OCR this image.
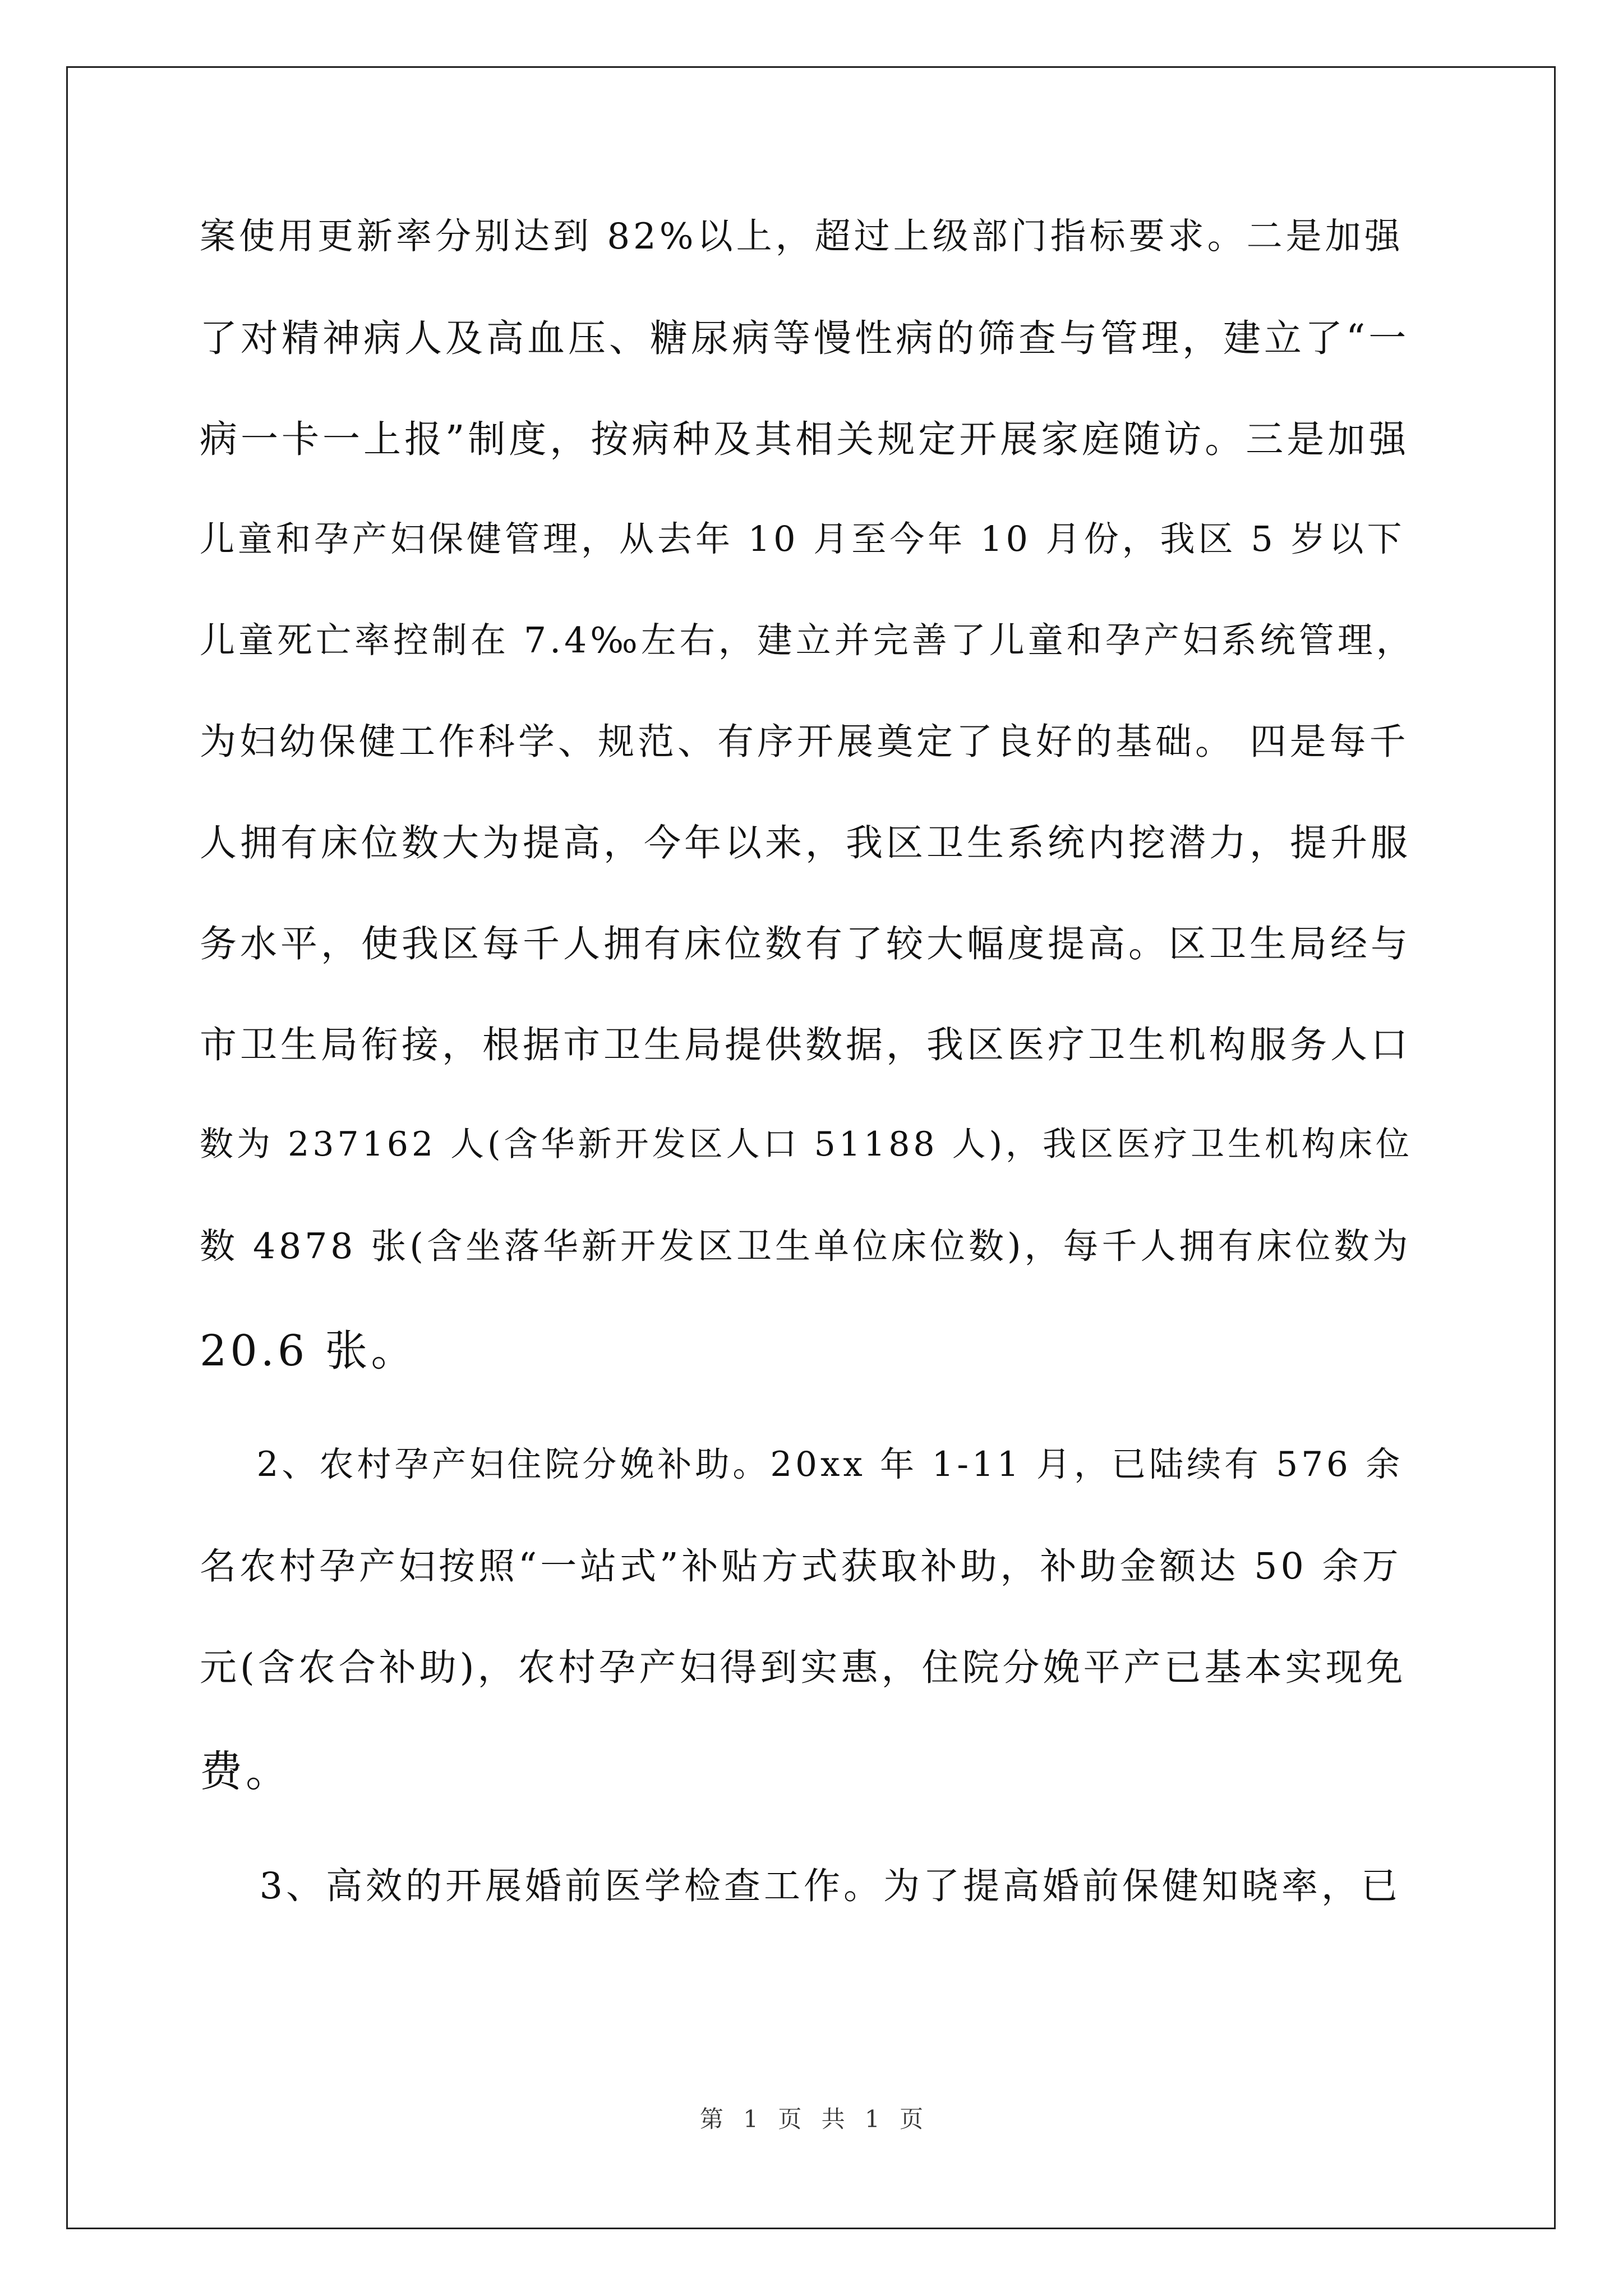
案使用更新率分别达到 82%以上，超过上级部门指标要求。二是加强
了对精神病人及高血压、糖尿病等慢性病的筛查与管理，建立了“一
病一卡一上报”制度，按病种及其相关规定开展家庭随访。三是加强
儿童和孕产妇保健管理，从去年 10 月至今年 10 月份，我区 5 岁以下
儿童死亡率控制在 7.4‰左右，建立并完善了儿童和孕产妇系统管理，
为妇幼保健工作科学、规范、有序开展奠定了良好的基础。 四是每千
人拥有床位数大为提高，今年以来，我区卫生系统内挖潜力，提升服
务水平，使我区每千人拥有床位数有了较大幅度提高。区卫生局经与
市卫生局衔接，根据市卫生局提供数据，我区医疗卫生机构服务人口
数为 237162 人(含华新开发区人口 51188 人)，我区医疗卫生机构床位
数 4878 张(含坐落华新开发区卫生单位床位数)，每千人拥有床位数为
20.6 张。
2、农村孕产妇住院分娩补助。20xx 年 1-11 月，已陆续有 576 余
名农村孕产妇按照“一站式”补贴方式获取补助，补助金额达 50 余万
元(含农合补助)，农村孕产妇得到实惠，住院分娩平产已基本实现免
费。
3、高效的开展婚前医学检查工作。为了提高婚前保健知晓率，已
第 1 页 共 1 页
